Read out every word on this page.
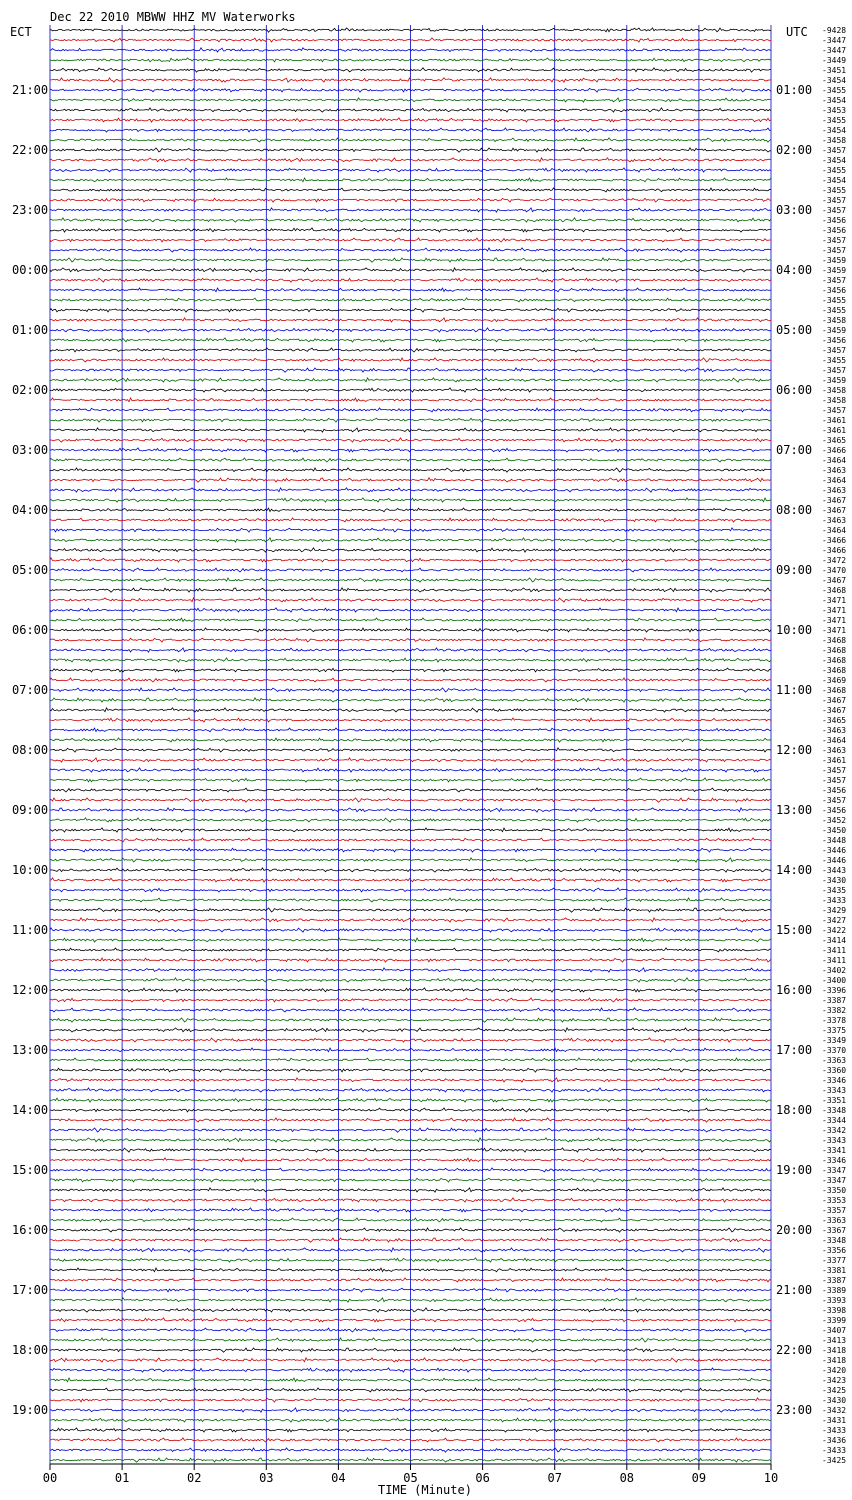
Dec 22 2010 MBWW HHZ MV Waterworks
ECT	UTC
21:00	01:00
22:00	02:00
23:00	03:00
00:00	04:00
01:00	05:00
02:00	06:00
03:00	07:00
04:00	08:00
05:00	09:00
06:00	10:00
07:00	11:00
08:00	12:00
09:00	13:00
10:00	14:00
11:00	15:00
12:00	16:00
13:00	17:00
14:00	18:00
15:00	19:00
16:00	20:00
17:00	21:00
18:00	22:00
19:00	23:00
-9428
-3447
-3447
-3449
-3451
-3454
-3455
-3454
-3453
-3455
-3454
-3458
-3457
-3454
-3455
-3454
-3455
-3457
-3457
-3456
-3456
-3457
-3457
-3459
-3459
-3457
-3456
-3455
-3455
-3458
-3459
-3456
-3457
-3455
-3457
-3459
-3458
-3458
-3457
-3461
-3461
-3465
-3466
-3464
-3463
-3464
-3463
-3467
-3467
-3463
-3464
-3466
-3466
-3472
-3470
-3467
-3468
-3471
-3471
-3471
-3471
-3468
-3468
-3468
-3468
-3469
-3468
-3467
-3467
-3465
-3463
-3464
-3463
-3461
-3457
-3457
-3456
-3457
-3456
-3452
-3450
-3448
-3446
-3446
-3443
-3430
-3435
-3433
-3429
-3427
-3422
-3414
-3411
-3411
-3402
-3400
-3396
-3387
-3382
-3378
-3375
-3349
-3370
-3363
-3360
-3346
-3343
-3351
-3348
-3344
-3342
-3343
-3341
-3346
-3347
-3347
-3350
-3353
-3357
-3363
-3367
-3348
-3356
-3377
-3381
-3387
-3389
-3393
-3398
-3399
-3407
-3413
-3418
-3418
-3420
-3423
-3425
-3430
-3432
-3431
-3433
-3436
-3433
-3425
00	01	02	03	04	05	06	07	08	09	10
TIME (Minute)
